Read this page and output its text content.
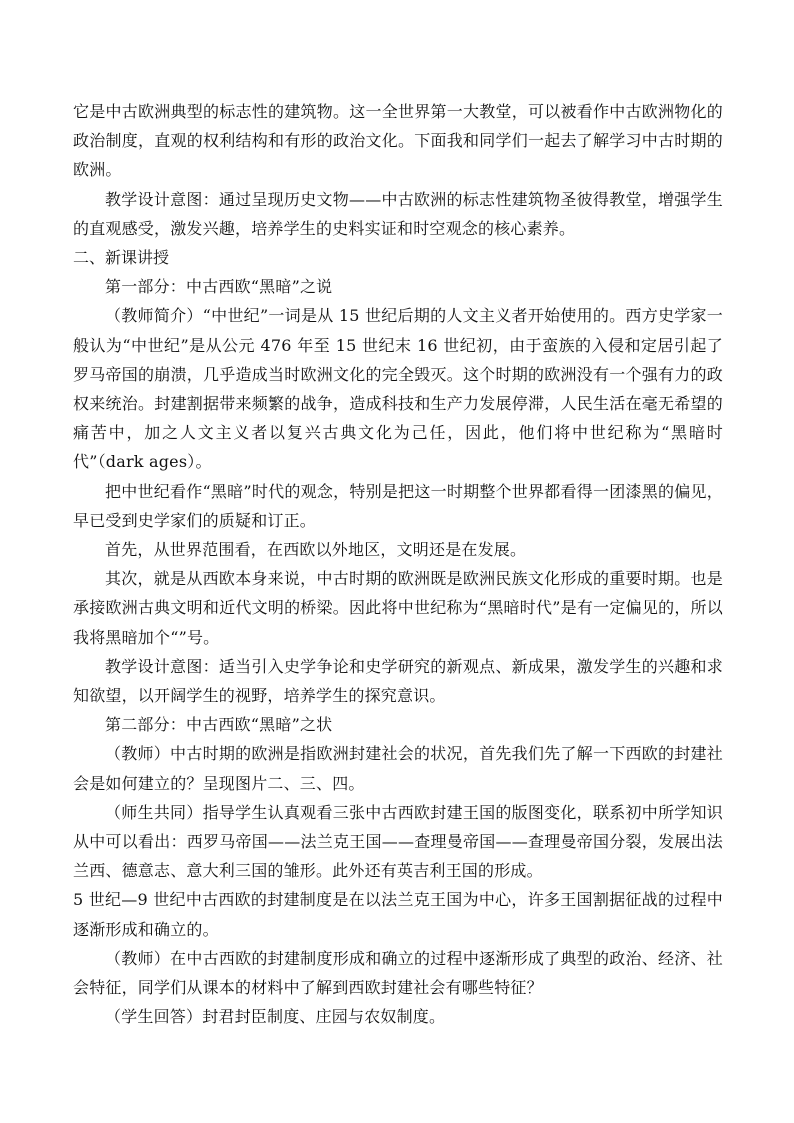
它是中古欧洲典型的标志性的建筑物。这一全世界第一大教堂，可以被看作中古欧洲物化的政治制度，直观的权利结构和有形的政治文化。下面我和同学们一起去了解学习中古时期的欧洲。

教学设计意图：通过呈现历史文物——中古欧洲的标志性建筑物圣彼得教堂，增强学生的直观感受，激发兴趣，培养学生的史料实证和时空观念的核心素养。

二、新课讲授

第一部分：中古西欧“黑暗”之说

（教师简介）“中世纪”一词是从 15 世纪后期的人文主义者开始使用的。西方史学家一般认为“中世纪”是从公元 476 年至 15 世纪末 16 世纪初，由于蛮族的入侵和定居引起了罗马帝国的崩溃，几乎造成当时欧洲文化的完全毁灭。这个时期的欧洲没有一个强有力的政权来统治。封建割据带来频繁的战争，造成科技和生产力发展停滞，人民生活在毫无希望的痛苦中，加之人文主义者以复兴古典文化为己任，因此，他们将中世纪称为“黑暗时代”（dark ages）。

把中世纪看作“黑暗”时代的观念，特别是把这一时期整个世界都看得一团漆黑的偏见，早已受到史学家们的质疑和订正。

首先，从世界范围看，在西欧以外地区，文明还是在发展。

其次，就是从西欧本身来说，中古时期的欧洲既是欧洲民族文化形成的重要时期。也是承接欧洲古典文明和近代文明的桥梁。因此将中世纪称为“黑暗时代”是有一定偏见的，所以我将黑暗加个“”号。

教学设计意图：适当引入史学争论和史学研究的新观点、新成果，激发学生的兴趣和求知欲望，以开阔学生的视野，培养学生的探究意识。

第二部分：中古西欧“黑暗”之状

（教师）中古时期的欧洲是指欧洲封建社会的状况，首先我们先了解一下西欧的封建社会是如何建立的？呈现图片二、三、四。

（师生共同）指导学生认真观看三张中古西欧封建王国的版图变化，联系初中所学知识从中可以看出：西罗马帝国——法兰克王国——查理曼帝国——查理曼帝国分裂，发展出法兰西、德意志、意大利三国的雏形。此外还有英吉利王国的形成。

5 世纪—9 世纪中古西欧的封建制度是在以法兰克王国为中心，许多王国割据征战的过程中逐渐形成和确立的。

（教师）在中古西欧的封建制度形成和确立的过程中逐渐形成了典型的政治、经济、社会特征，同学们从课本的材料中了解到西欧封建社会有哪些特征？

（学生回答）封君封臣制度、庄园与农奴制度。
